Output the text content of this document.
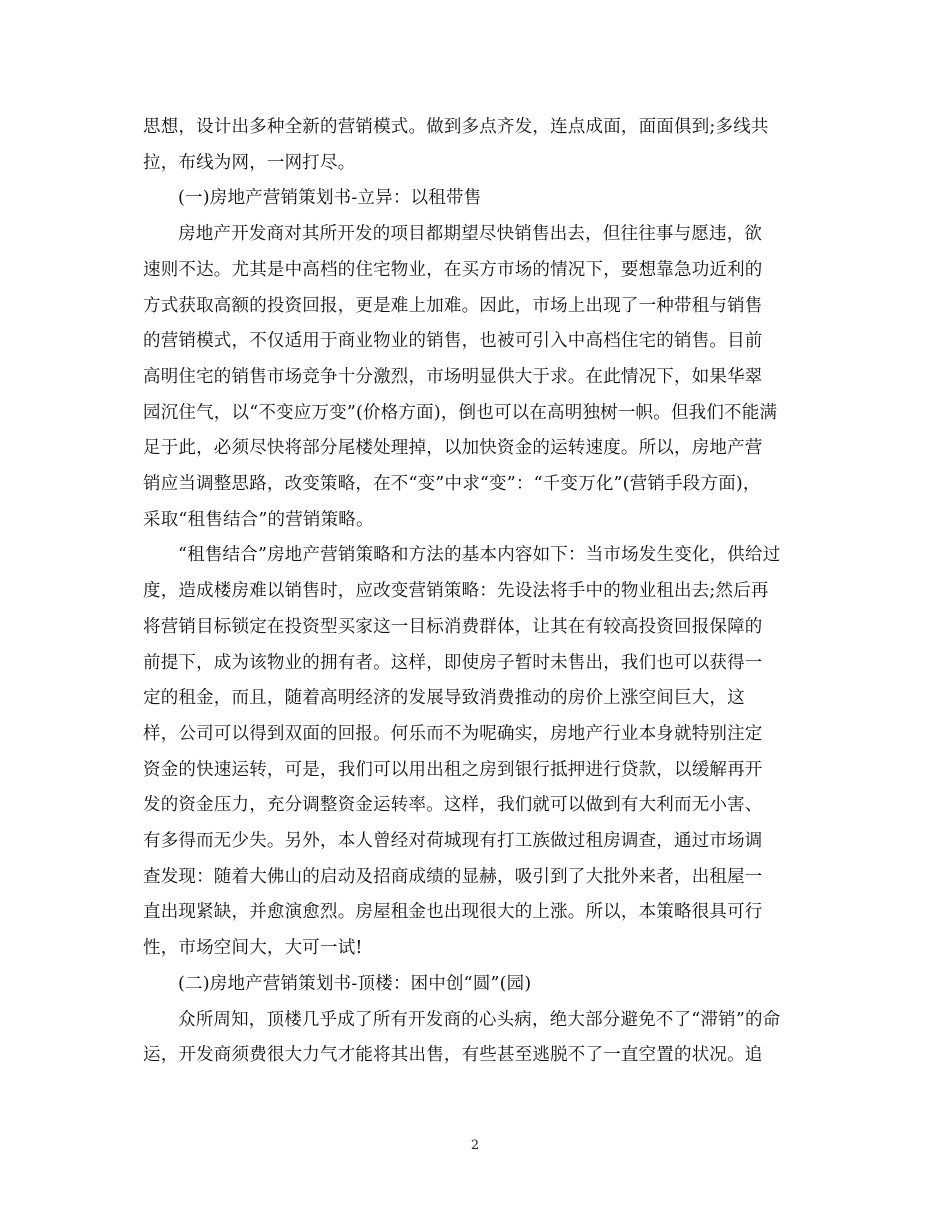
思想，设计出多种全新的营销模式。做到多点齐发，连点成面，面面俱到;多线共
拉，布线为网，一网打尽。
(一)房地产营销策划书-立异：以租带售
房地产开发商对其所开发的项目都期望尽快销售出去，但往往事与愿违，欲
速则不达。尤其是中高档的住宅物业，在买方市场的情况下，要想靠急功近利的
方式获取高额的投资回报，更是难上加难。因此，市场上出现了一种带租与销售
的营销模式，不仅适用于商业物业的销售，也被可引入中高档住宅的销售。目前
高明住宅的销售市场竞争十分激烈，市场明显供大于求。在此情况下，如果华翠
园沉住气，以“不变应万变”(价格方面)，倒也可以在高明独树一帜。但我们不能满
足于此，必须尽快将部分尾楼处理掉，以加快资金的运转速度。所以，房地产营
销应当调整思路，改变策略，在不“变”中求“变”：“千变万化”(营销手段方面)，
采取“租售结合”的营销策略。
“租售结合”房地产营销策略和方法的基本内容如下：当市场发生变化，供给过
度，造成楼房难以销售时，应改变营销策略：先设法将手中的物业租出去;然后再
将营销目标锁定在投资型买家这一目标消费群体，让其在有较高投资回报保障的
前提下，成为该物业的拥有者。这样，即使房子暂时未售出，我们也可以获得一
定的租金，而且，随着高明经济的发展导致消费推动的房价上涨空间巨大，这
样，公司可以得到双面的回报。何乐而不为呢确实，房地产行业本身就特别注定
资金的快速运转，可是，我们可以用出租之房到银行抵押进行贷款，以缓解再开
发的资金压力，充分调整资金运转率。这样，我们就可以做到有大利而无小害、
有多得而无少失。另外，本人曾经对荷城现有打工族做过租房调查，通过市场调
查发现：随着大佛山的启动及招商成绩的显赫，吸引到了大批外来者，出租屋一
直出现紧缺，并愈演愈烈。房屋租金也出现很大的上涨。所以，本策略很具可行
性，市场空间大，大可一试!
(二)房地产营销策划书-顶楼：困中创“圆”(园)
众所周知，顶楼几乎成了所有开发商的心头病，绝大部分避免不了“滞销”的命
运，开发商须费很大力气才能将其出售，有些甚至逃脱不了一直空置的状况。追
2
